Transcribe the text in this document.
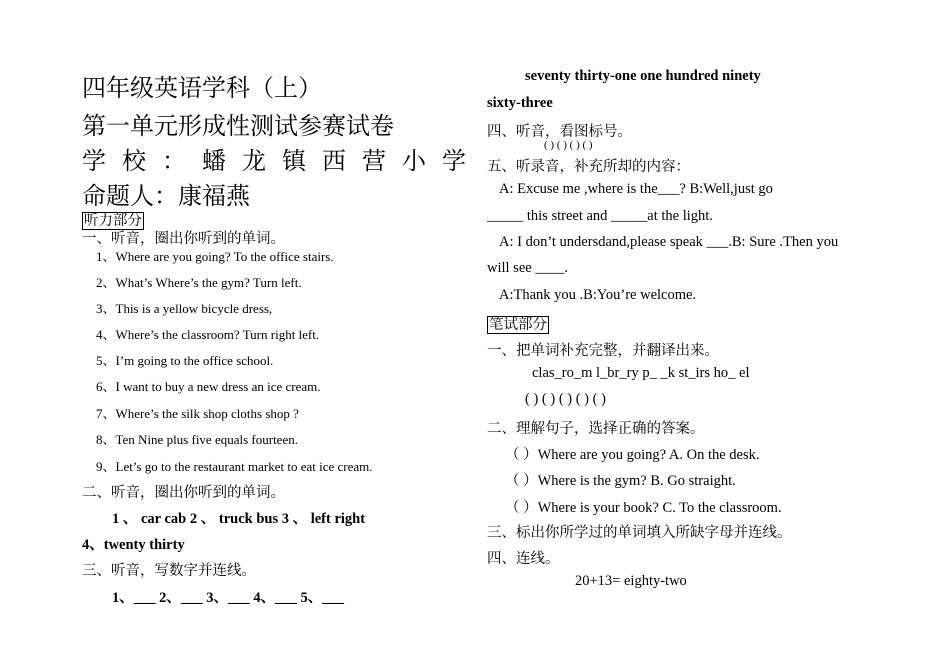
四年级英语学科（上）
第一单元形成性测试参赛试卷
学 校 ： 蟠 龙 镇 西 营 小 学
命题人：康福燕
听力部分
一、听音，圈出你听到的单词。
1、Where are you going? To the office stairs.
2、What’s Where’s the gym? Turn left.
3、This is a yellow bicycle dress,
4、Where’s the classroom? Turn right left.
5、I’m going to the office school.
6、I want to buy a new dress an ice cream.
7、Where’s the silk shop cloths shop ?
8、Ten Nine plus five equals fourteen.
9、Let’s go to the restaurant market to eat ice cream.
二、听音，圈出你听到的单词。
1 、 car cab 2 、 truck bus 3 、 left right
4、twenty thirty
三、听音，写数字并连线。
1、___ 2、___ 3、___ 4、___ 5、___
seventy thirty-one one hundred ninety
sixty-three
四、听音，看图标号。
( ) ( ) ( ) ( )
五、听录音，补充所却的内容：
A: Excuse me ,where is the___? B:Well,just go
_____ this street and _____at the light.
A: I don’t undersdand,please speak ___.B: Sure .Then you
will see ____.
A:Thank you .B:You’re welcome.
笔试部分
一、把单词补充完整，并翻译出来。
clas_ro_m l_br_ry p_ _k st_irs ho_ el
( ) ( ) ( ) ( ) ( )
二、理解句子，选择正确的答案。
（ ）Where are you going? A. On the desk.
（ ）Where is the gym? B. Go straight.
（ ）Where is your book? C. To the classroom.
三、标出你所学过的单词填入所缺字母并连线。
四、连线。
20+13= eighty-two
